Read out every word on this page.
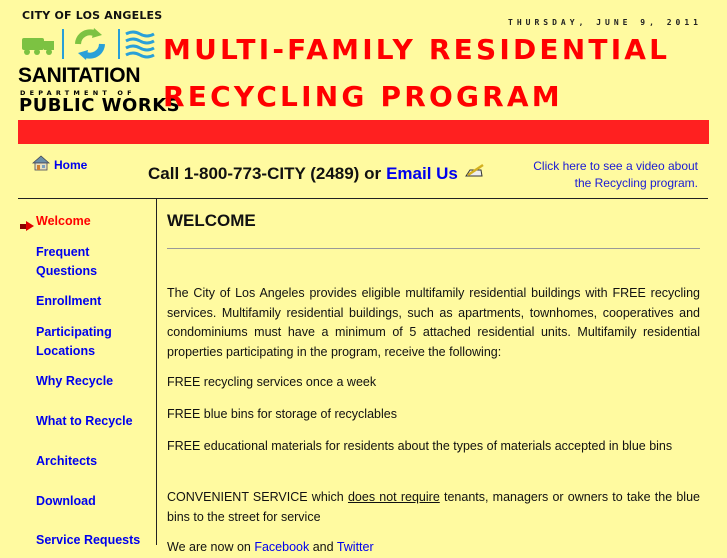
CITY OF LOS ANGELES
SANITATION
DEPARTMENT OF
PUBLIC WORKS
THURSDAY, JUNE 9, 2011
MULTI-FAMILY RESIDENTIAL
RECYCLING PROGRAM
Home	Call 1-800-773-CITY (2489) or Email Us	Click here to see a video about
the Recycling program.
Welcome
Frequent
Questions
Enrollment
Participating
Locations
Why Recycle
What to Recycle
Architects
Download
Service Requests
WELCOME

The City of Los Angeles provides eligible multifamily residential buildings with FREE recycling services. Multifamily residential buildings, such as apartments, townhomes, cooperatives and condominiums must have a minimum of 5 attached residential units. Multifamily residential properties participating in the program, receive the following:

FREE recycling services once a week

FREE blue bins for storage of recyclables

FREE educational materials for residents about the types of materials accepted in blue bins

CONVENIENT SERVICE which does not require tenants, managers or owners to take the blue bins to the street for service

We are now on Facebook and Twitter
